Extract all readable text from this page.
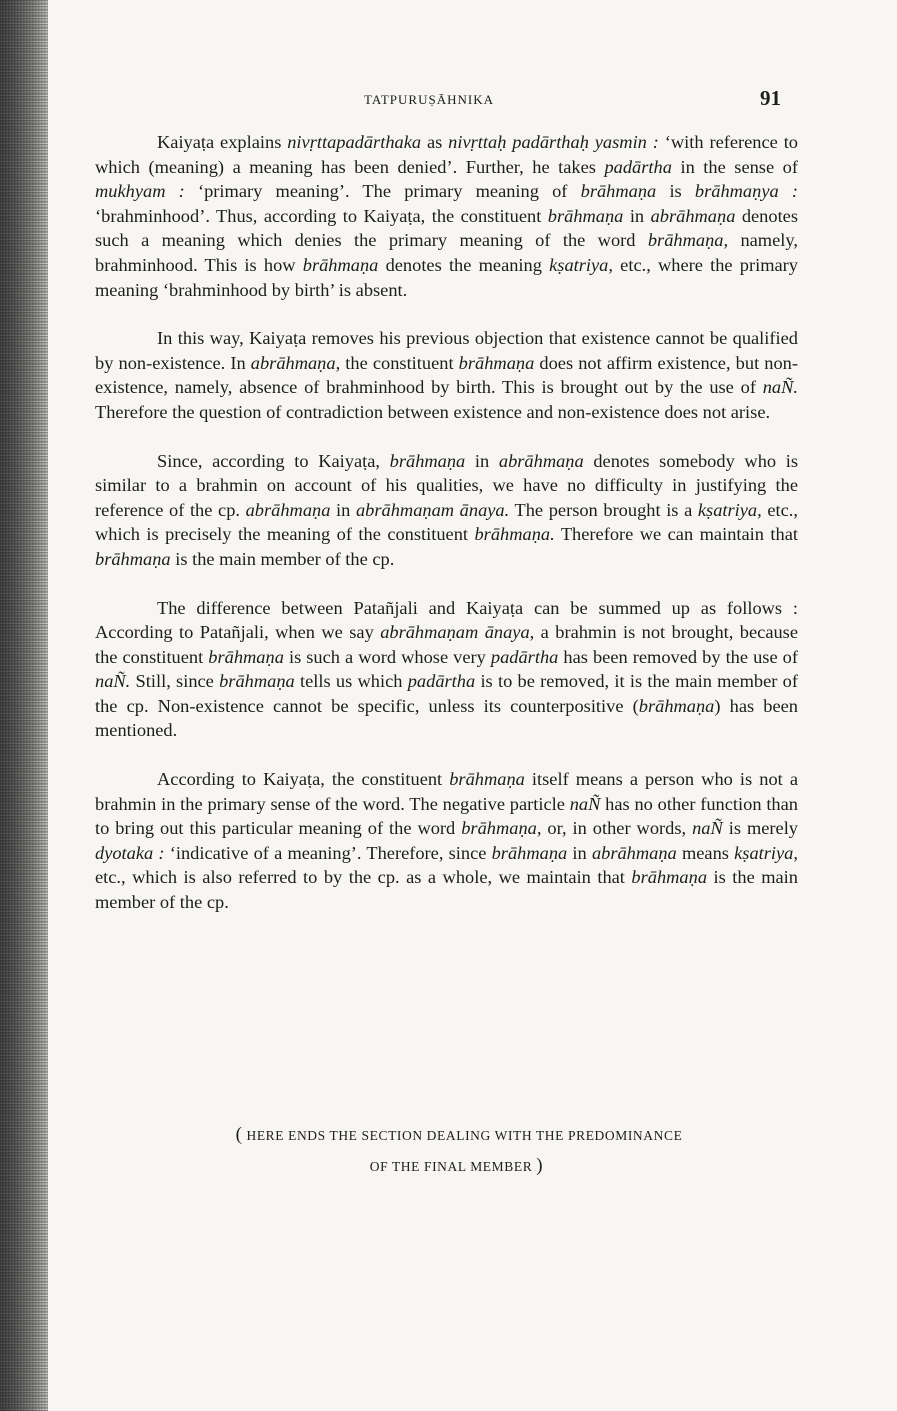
TATPURUṢĀHNIKA	91

Kaiyaṭa explains nivṛttapadārthaka as nivṛttaḥ padārthaḥ yasmin : ‘with reference to which (meaning) a meaning has been denied’. Further, he takes padārtha in the sense of mukhyam : ‘primary meaning’. The primary meaning of brāhmaṇa is brāhmaṇya : ‘brahminhood’. Thus, according to Kaiyaṭa, the constituent brāhmaṇa in abrāhmaṇa denotes such a meaning which denies the primary meaning of the word brāhmaṇa, namely, brahminhood. This is how brāhmaṇa denotes the meaning kṣatriya, etc., where the primary meaning ‘brahminhood by birth’ is absent.

In this way, Kaiyaṭa removes his previous objection that existence cannot be qualified by non-existence. In abrāhmaṇa, the constituent brāhmaṇa does not affirm existence, but non-existence, namely, absence of brahminhood by birth. This is brought out by the use of naÑ. Therefore the question of contradiction between existence and non-existence does not arise.

Since, according to Kaiyaṭa, brāhmaṇa in abrāhmaṇa denotes somebody who is similar to a brahmin on account of his qualities, we have no difficulty in justifying the reference of the cp. abrāhmaṇa in abrāhmaṇam ānaya. The person brought is a kṣatriya, etc., which is precisely the meaning of the constituent brāhmaṇa. Therefore we can maintain that brāhmaṇa is the main member of the cp.

The difference between Patañjali and Kaiyaṭa can be summed up as follows : According to Patañjali, when we say abrāhmaṇam ānaya, a brahmin is not brought, because the constituent brāhmaṇa is such a word whose very padārtha has been removed by the use of naÑ. Still, since brāhmaṇa tells us which padārtha is to be removed, it is the main member of the cp. Non-existence cannot be specific, unless its counterpositive (brāhmaṇa) has been mentioned.

According to Kaiyaṭa, the constituent brāhmaṇa itself means a person who is not a brahmin in the primary sense of the word. The negative particle naÑ has no other function than to bring out this particular meaning of the word brāhmaṇa, or, in other words, naÑ is merely dyotaka : ‘indicative of a meaning’. Therefore, since brāhmaṇa in abrāhmaṇa means kṣatriya, etc., which is also referred to by the cp. as a whole, we maintain that brāhmaṇa is the main member of the cp.

( HERE ENDS THE SECTION DEALING WITH THE PREDOMINANCE
OF THE FINAL MEMBER )
